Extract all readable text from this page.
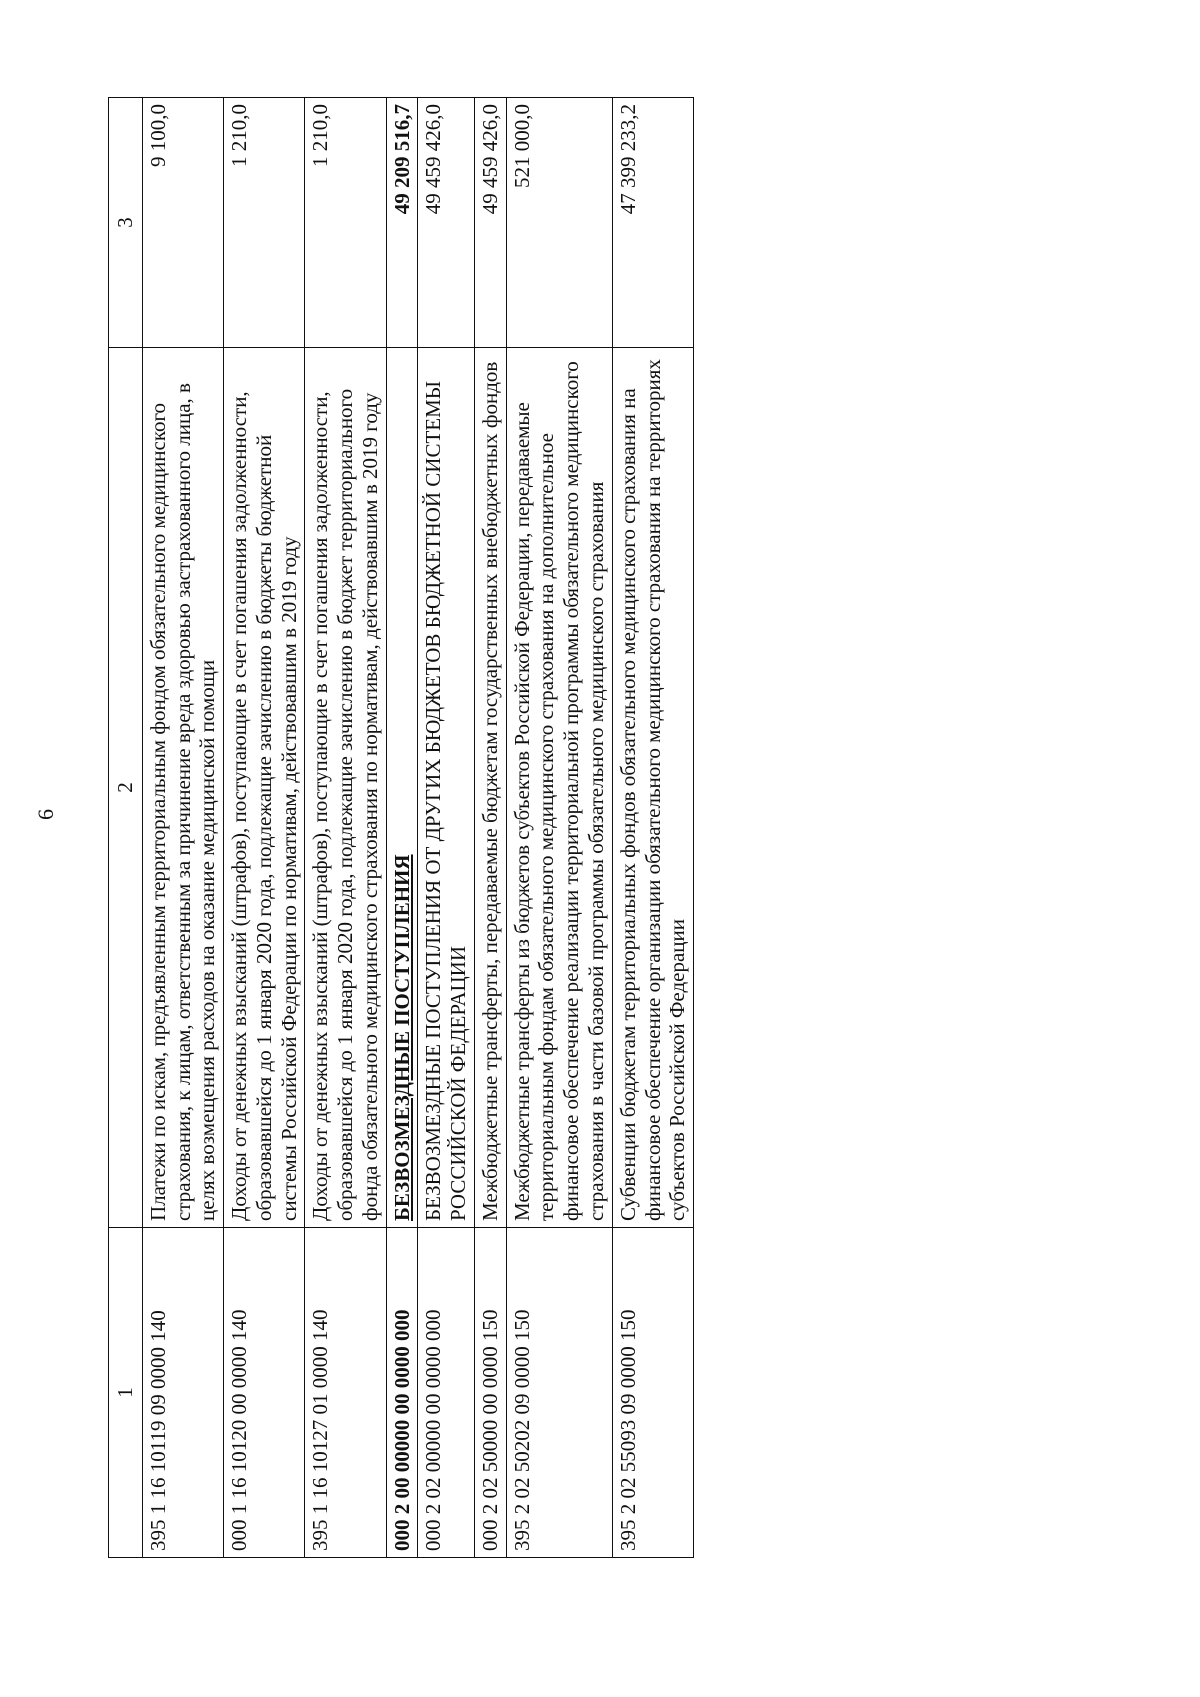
6
1	2	3
395 1 16 10119 09 0000 140	Платежи по искам, предъявленным территориальным фондом обязательного медицинского страхования, к лицам, ответственным за причинение вреда здоровью застрахованного лица, в целях возмещения расходов на оказание медицинской помощи	9 100,0
000 1 16 10120 00 0000 140	Доходы от денежных взысканий (штрафов), поступающие в счет погашения задолженности, образовавшейся до 1 января 2020 года, подлежащие зачислению в бюджеты бюджетной системы Российской Федерации по нормативам, действовавшим в 2019 году	1 210,0
395 1 16 10127 01 0000 140	Доходы от денежных взысканий (штрафов), поступающие в счет погашения задолженности, образовавшейся до 1 января 2020 года, подлежащие зачислению в бюджет территориального фонда обязательного медицинского страхования по нормативам, действовавшим в 2019 году	1 210,0
000 2 00 00000 00 0000 000	БЕЗВОЗМЕЗДНЫЕ ПОСТУПЛЕНИЯ	49 209 516,7
000 2 02 00000 00 0000 000	БЕЗВОЗМЕЗДНЫЕ ПОСТУПЛЕНИЯ ОТ ДРУГИХ БЮДЖЕТОВ БЮДЖЕТНОЙ СИСТЕМЫ РОССИЙСКОЙ ФЕДЕРАЦИИ	49 459 426,0
000 2 02 50000 00 0000 150	Межбюджетные трансферты, передаваемые бюджетам государственных внебюджетных фондов	49 459 426,0
395 2 02 50202 09 0000 150	Межбюджетные трансферты из бюджетов субъектов Российской Федерации, передаваемые территориальным фондам обязательного медицинского страхования на дополнительное финансовое обеспечение реализации территориальной программы обязательного медицинского страхования в части базовой программы обязательного медицинского страхования	521 000,0
395 2 02 55093 09 0000 150	Субвенции бюджетам территориальных фондов обязательного медицинского страхования на финансовое обеспечение организации обязательного медицинского страхования на территориях субъектов Российской Федерации	47 399 233,2
